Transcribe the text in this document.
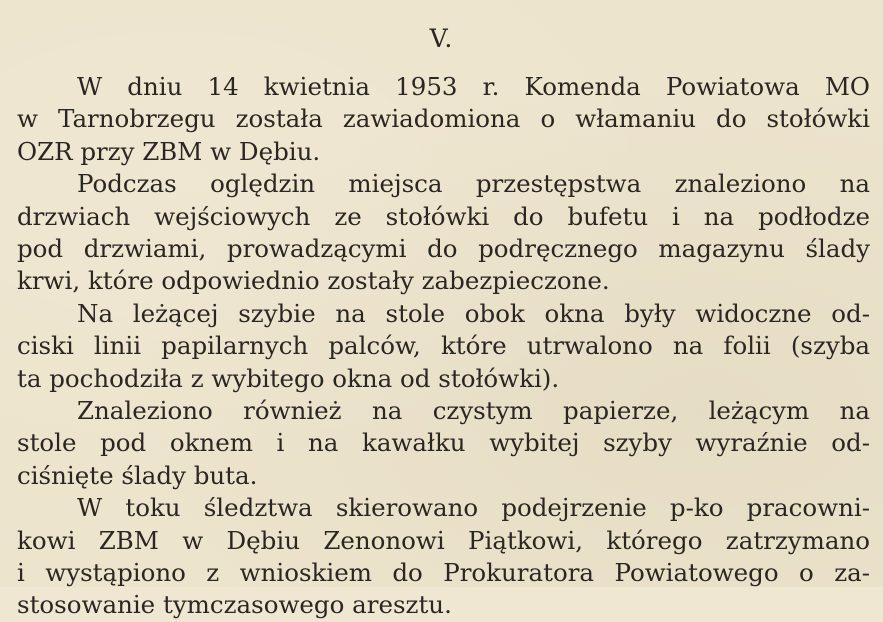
V.
W dniu 14 kwietnia 1953 r. Komenda Powiatowa MO
w Tarnobrzegu została zawiadomiona o włamaniu do stołówki
OZR przy ZBM w Dębiu.
Podczas oględzin miejsca przestępstwa znaleziono na
drzwiach wejściowych ze stołówki do bufetu i na podłodze
pod drzwiami, prowadzącymi do podręcznego magazynu ślady
krwi, które odpowiednio zostały zabezpieczone.
Na leżącej szybie na stole obok okna były widoczne od-
ciski linii papilarnych palców, które utrwalono na folii (szyba
ta pochodziła z wybitego okna od stołówki).
Znaleziono również na czystym papierze, leżącym na
stole pod oknem i na kawałku wybitej szyby wyraźnie od-
ciśnięte ślady buta.
W toku śledztwa skierowano podejrzenie p-ko pracowni-
kowi ZBM w Dębiu Zenonowi Piątkowi, którego zatrzymano
i wystąpiono z wnioskiem do Prokuratora Powiatowego o za-
stosowanie tymczasowego aresztu.
